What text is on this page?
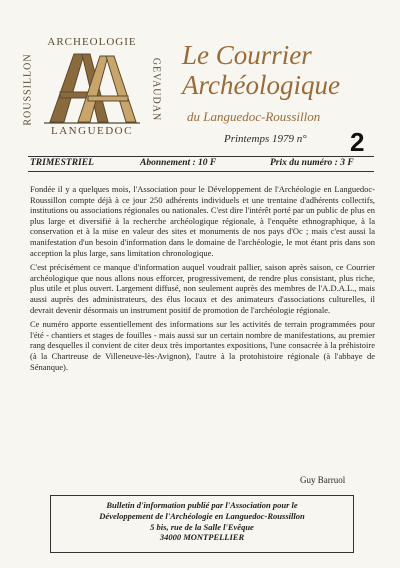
ARCHEOLOGIE
ROUSSILLON	GEVAUDAN
LANGUEDOC
Le Courrier
Archéologique
du Languedoc-Roussillon
Printemps 1979 n°	2
TRIMESTRIEL	Abonnement : 10 F	Prix du numéro : 3 F

Fondée il y a quelques mois, l'Association pour le Développement de l'Archéologie en Languedoc-Roussillon compte déjà à ce jour 250 adhérents individuels et une trentaine d'adhérents collectifs, institutions ou associations régionales ou nationales. C'est dire l'intérêt porté par un public de plus en plus large et diversifié à la recherche archéologique régionale, à l'enquête ethnographique, à la conservation et à la mise en valeur des sites et monuments de nos pays d'Oc ; mais c'est aussi la manifestation d'un besoin d'information dans le domaine de l'archéologie, le mot étant pris dans son acception la plus large, sans limitation chronologique.

C'est précisément ce manque d'information auquel voudrait pallier, saison après saison, ce Courrier archéologique que nous allons nous efforcer, progressivement, de rendre plus consistant, plus riche, plus utile et plus ouvert. Largement diffusé, non seulement auprès des membres de l'A.D.A.L., mais aussi auprès des administrateurs, des élus locaux et des animateurs d'associations culturelles, il devrait devenir désormais un instrument positif de promotion de l'archéologie régionale.

Ce numéro apporte essentiellement des informations sur les activités de terrain programmées pour l'été - chantiers et stages de fouilles - mais aussi sur un certain nombre de manifestations, au premier rang desquelles il convient de citer deux très importantes expositions, l'une consacrée à la préhistoire (à la Chartreuse de Villeneuve-lès-Avignon), l'autre à la protohistoire régionale (à l'abbaye de Sénanque).

Guy Barruol
Bulletin d'information publié par l'Association pour le
Développement de l'Archéologie en Languedoc-Roussillon
5 bis, rue de la Salle l'Evêque
34000 MONTPELLIER
